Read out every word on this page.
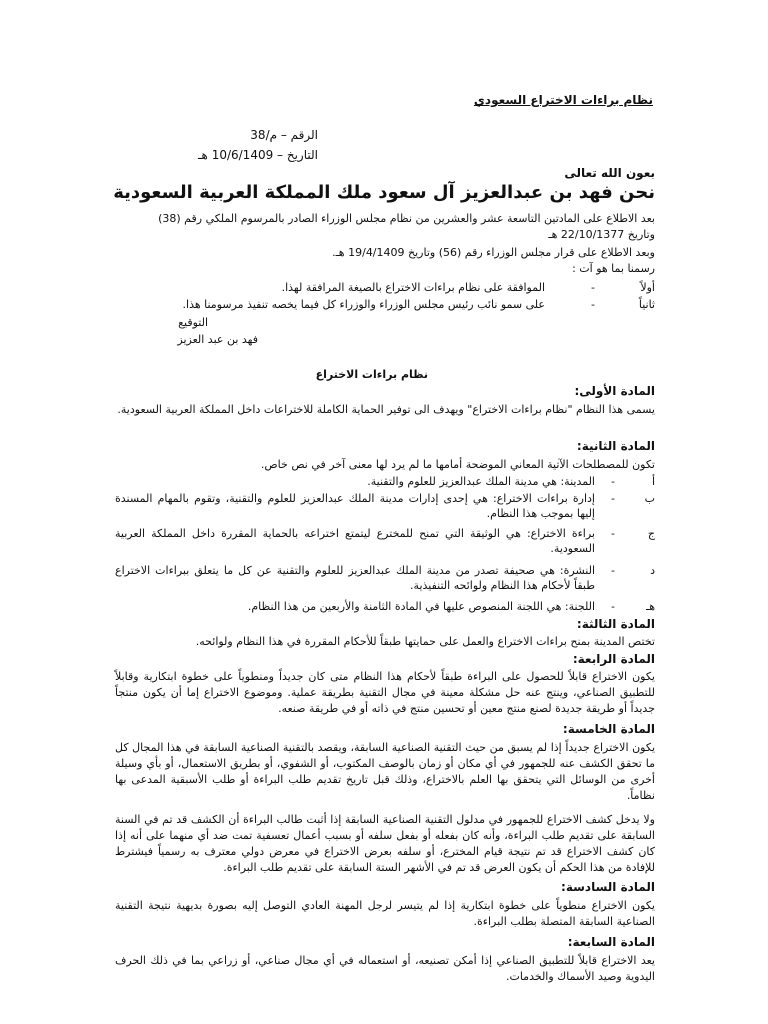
نظام براءات الاختراع السعودي
الرقم – م/38
التاريخ – 10/6/1409 هـ
بعون الله تعالى
نحن فهد بن عبدالعزيز آل سعود ملك المملكة العربية السعودية
بعد الاطلاع على المادتين التاسعة عشر والعشرين من نظام مجلس الوزراء الصادر بالمرسوم الملكي رقم (38)
وتاريخ 22/10/1377 هـ
وبعد الاطلاع على قرار مجلس الوزراء رقم (56) وتاريخ 19/4/1409 هـ.
رسمنا بما هو آت :
أولاً
-
الموافقة على نظام براءات الاختراع بالصيغة المرافقة لهذا.
ثانياً
-
على سمو نائب رئيس مجلس الوزراء والوزراء كل فيما يخصه تنفيذ مرسومنا هذا.
التوقيع
فهد بن عبد العزيز
نظام براءات الاختراع
المادة الأولى:
يسمى هذا النظام "نظام براءات الاختراع" ويهدف الى توفير الحماية الكاملة للاختراعات داخل المملكة العربية السعودية.
المادة الثانية:
تكون للمصطلحات الآتية المعاني الموضحة أمامها ما لم يرد لها معنى آخر في نص خاص.
أ
-
المدينة: هي مدينة الملك عبدالعزيز للعلوم والتقنية.
ب
-
إدارة براءات الاختراع: هي إحدى إدارات مدينة الملك عبدالعزيز للعلوم والتقنية، وتقوم بالمهام المسندة إليها بموجب هذا النظام.
ج
-
براءة الاختراع: هي الوثيقة التي تمنح للمخترع ليتمتع اختراعه بالحماية المقررة داخل المملكة العربية السعودية.
د
-
النشرة: هي صحيفة تصدر من مدينة الملك عبدالعزيز للعلوم والتقنية عن كل ما يتعلق ببراءات الاختراع طبقاً لأحكام هذا النظام ولوائحه التنفيذية.
هـ
-
اللجنة: هي اللجنة المنصوص عليها في المادة الثامنة والأربعين من هذا النظام.
المادة الثالثة:
تختص المدينة بمنح براءات الاختراع والعمل على حمايتها طبقاً للأحكام المقررة في هذا النظام ولوائحه.
المادة الرابعة:
يكون الاختراع قابلاً للحصول على البراءة طبقاً لأحكام هذا النظام متى كان جديداً ومنطوياً على خطوة ابتكارية وقابلاً للتطبيق الصناعي، وينتج عنه حل مشكلة معينة في مجال التقنية بطريقة عملية. وموضوع الاختراع إما أن يكون منتجاً جديداً أو طريقة جديدة لصنع منتج معين أو تحسين منتج في ذاته أو في طريقة صنعه.
المادة الخامسة:
يكون الاختراع جديداً إذا لم يسبق من حيث التقنية الصناعية السابقة، ويقصد بالتقنية الصناعية السابقة في هذا المجال كل ما تحقق الكشف عنه للجمهور في أي مكان أو زمان بالوصف المكتوب، أو الشفوي، أو بطريق الاستعمال، أو بأي وسيلة أخرى من الوسائل التي يتحقق بها العلم بالاختراع، وذلك قبل تاريخ تقديم طلب البراءة أو طلب الأسبقية المدعى بها نظاماً.
ولا يدخل كشف الاختراع للجمهور في مدلول التقنية الصناعية السابقة إذا أثبت طالب البراءة أن الكشف قد تم في السنة السابقة على تقديم طلب البراءة، وأنه كان بفعله أو بفعل سلفه أو بسبب أعمال تعسفية تمت ضد أي منهما على أنه إذا كان كشف الاختراع قد تم نتيجة قيام المخترع، أو سلفه بعرض الاختراع في معرض دولي معترف به رسمياً فيشترط للإفادة من هذا الحكم أن يكون العرض قد تم في الأشهر الستة السابقة على تقديم طلب البراءة.
المادة السادسة:
يكون الاختراع منطوياً على خطوة ابتكارية إذا لم يتيسر لرجل المهنة العادي التوصل إليه بصورة بديهية نتيجة التقنية الصناعية السابقة المتصلة بطلب البراءة.
المادة السابعة:
يعد الاختراع قابلاً للتطبيق الصناعي إذا أمكن تصنيعه، أو استعماله في أي مجال صناعي، أو زراعي بما في ذلك الحرف اليدوية وصيد الأسماك والخدمات.
